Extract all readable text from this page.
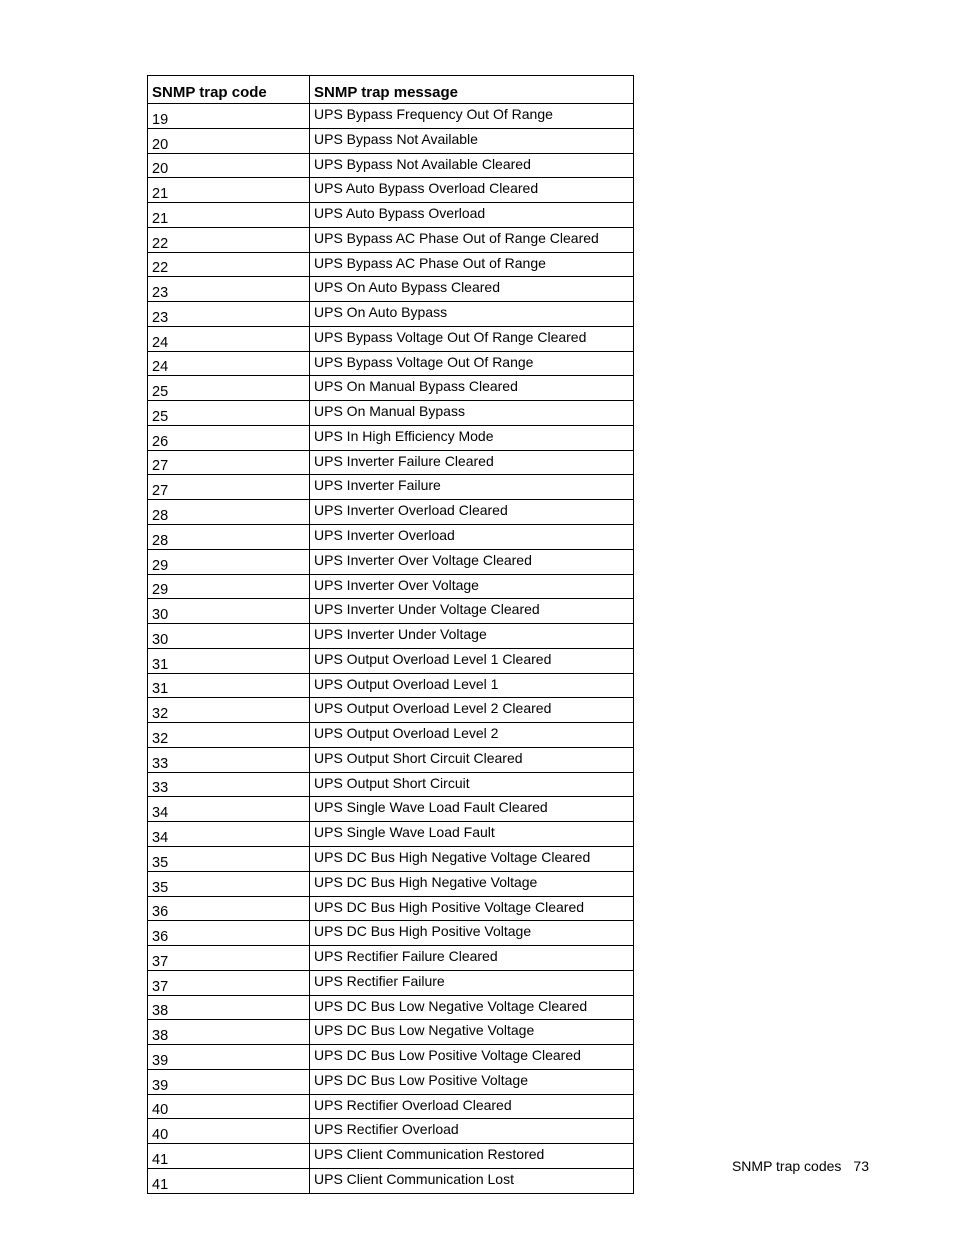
SNMP trap code	SNMP trap message
19	UPS Bypass Frequency Out Of Range
20	UPS Bypass Not Available
20	UPS Bypass Not Available Cleared
21	UPS Auto Bypass Overload Cleared
21	UPS Auto Bypass Overload
22	UPS Bypass AC Phase Out of Range Cleared
22	UPS Bypass AC Phase Out of Range
23	UPS On Auto Bypass Cleared
23	UPS On Auto Bypass
24	UPS Bypass Voltage Out Of Range Cleared
24	UPS Bypass Voltage Out Of Range
25	UPS On Manual Bypass Cleared
25	UPS On Manual Bypass
26	UPS In High Efficiency Mode
27	UPS Inverter Failure Cleared
27	UPS Inverter Failure
28	UPS Inverter Overload Cleared
28	UPS Inverter Overload
29	UPS Inverter Over Voltage Cleared
29	UPS Inverter Over Voltage
30	UPS Inverter Under Voltage Cleared
30	UPS Inverter Under Voltage
31	UPS Output Overload Level 1 Cleared
31	UPS Output Overload Level 1
32	UPS Output Overload Level 2 Cleared
32	UPS Output Overload Level 2
33	UPS Output Short Circuit Cleared
33	UPS Output Short Circuit
34	UPS Single Wave Load Fault Cleared
34	UPS Single Wave Load Fault
35	UPS DC Bus High Negative Voltage Cleared
35	UPS DC Bus High Negative Voltage
36	UPS DC Bus High Positive Voltage Cleared
36	UPS DC Bus High Positive Voltage
37	UPS Rectifier Failure Cleared
37	UPS Rectifier Failure
38	UPS DC Bus Low Negative Voltage Cleared
38	UPS DC Bus Low Negative Voltage
39	UPS DC Bus Low Positive Voltage Cleared
39	UPS DC Bus Low Positive Voltage
40	UPS Rectifier Overload Cleared
40	UPS Rectifier Overload
41	UPS Client Communication Restored
41	UPS Client Communication Lost
SNMP trap codes 73
